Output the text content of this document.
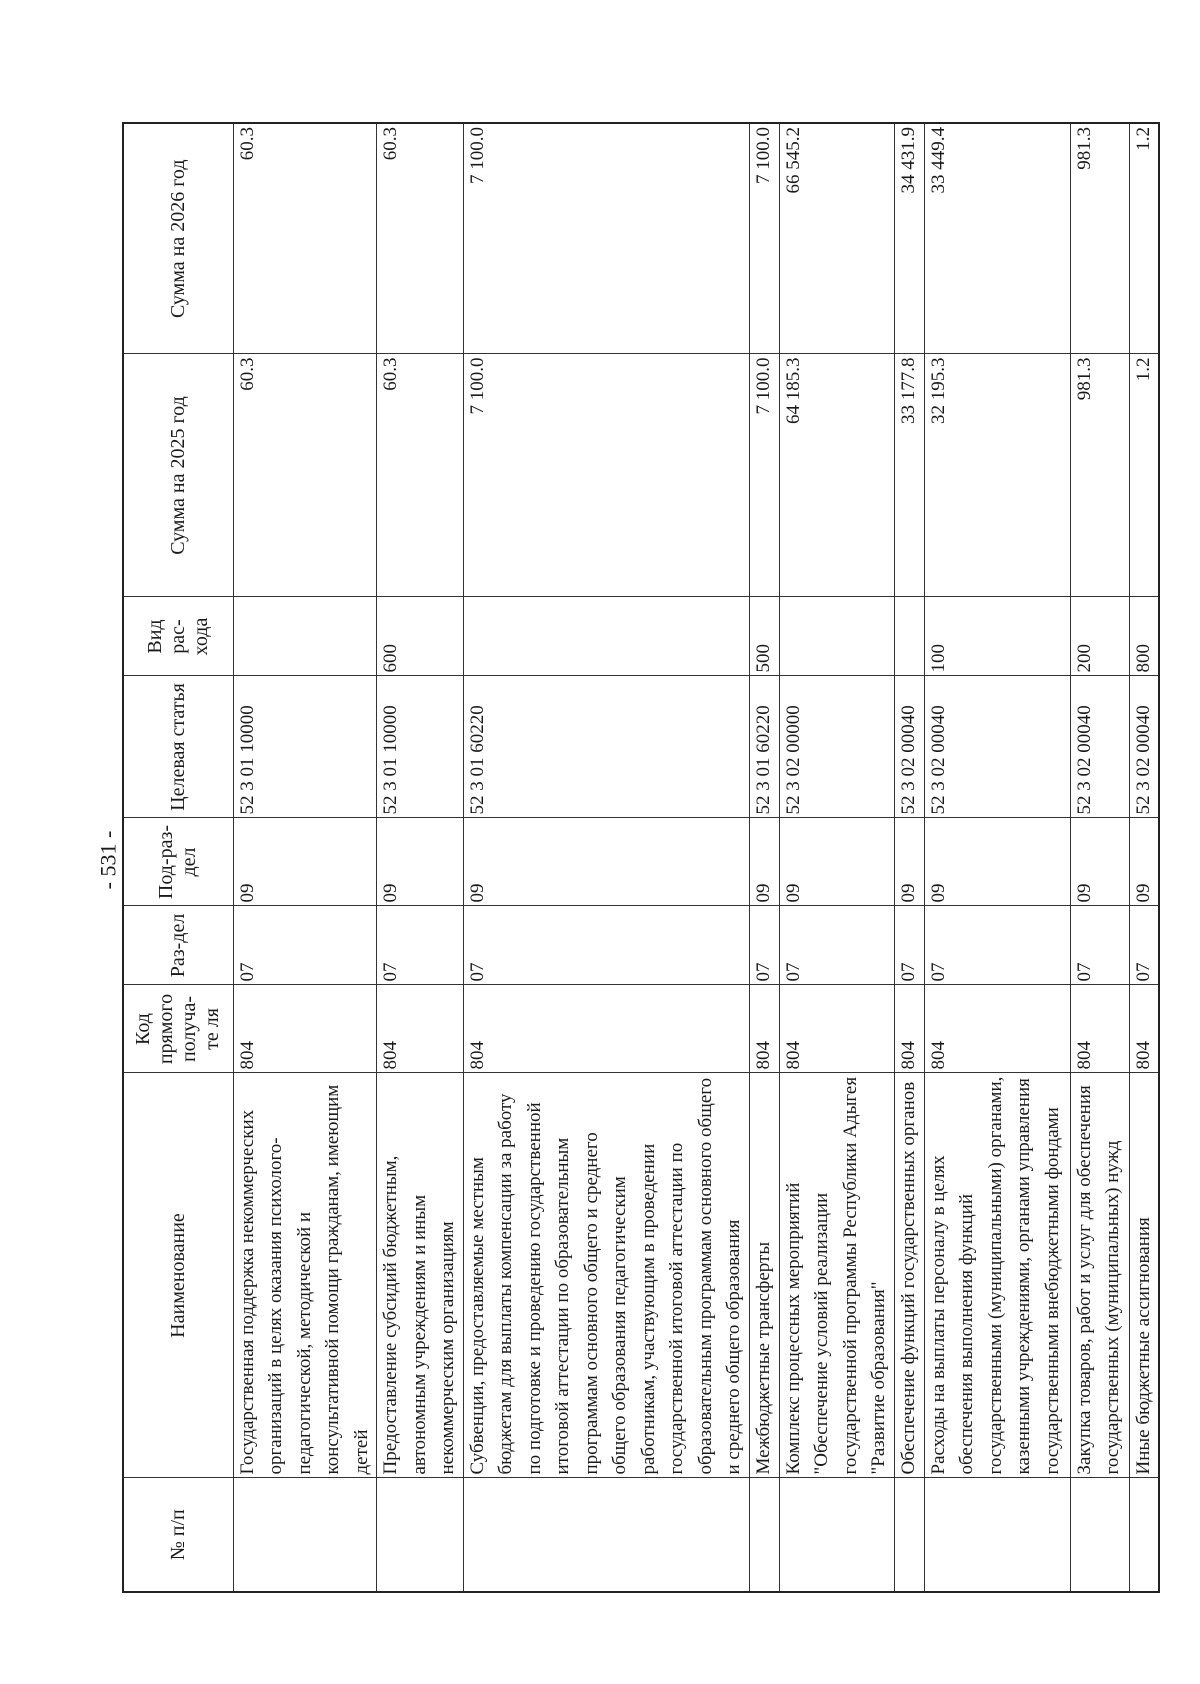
- 531 -
№ п/п	Наименование	Код прямого получа-те ля	Раз-дел	Под-раз-дел	Целевая статья	Вид рас-хода	Сумма на 2025 год	Сумма на 2026 год
	Государственная поддержка некоммерческих организаций в целях оказания психолого-педагогической, методической и консультативной помощи гражданам, имеющим детей	804	07	09	52 3 01 10000		60.3	60.3
	Предоставление субсидий бюджетным, автономным учреждениям и иным некоммерческим организациям	804	07	09	52 3 01 10000	600	60.3	60.3
	Субвенции, предоставляемые местным бюджетам для выплаты компенсации за работу по подготовке и проведению государственной итоговой аттестации по образовательным программам основного общего и среднего общего образования педагогическим работникам, участвующим в проведении государственной итоговой аттестации по образовательным программам основного общего и среднего общего образования	804	07	09	52 3 01 60220		7 100.0	7 100.0
	Межбюджетные трансферты	804	07	09	52 3 01 60220	500	7 100.0	7 100.0
	Комплекс процессных мероприятий "Обеспечение условий реализации государственной программы Республики Адыгея "Развитие образования"	804	07	09	52 3 02 00000		64 185.3	66 545.2
	Обеспечение функций государственных органов	804	07	09	52 3 02 00040		33 177.8	34 431.9
	Расходы на выплаты персоналу в целях обеспечения выполнения функций государственными (муниципальными) органами, казенными учреждениями, органами управления государственными внебюджетными фондами	804	07	09	52 3 02 00040	100	32 195.3	33 449.4
	Закупка товаров, работ и услуг для обеспечения государственных (муниципальных) нужд	804	07	09	52 3 02 00040	200	981.3	981.3
	Иные бюджетные ассигнования	804	07	09	52 3 02 00040	800	1.2	1.2
